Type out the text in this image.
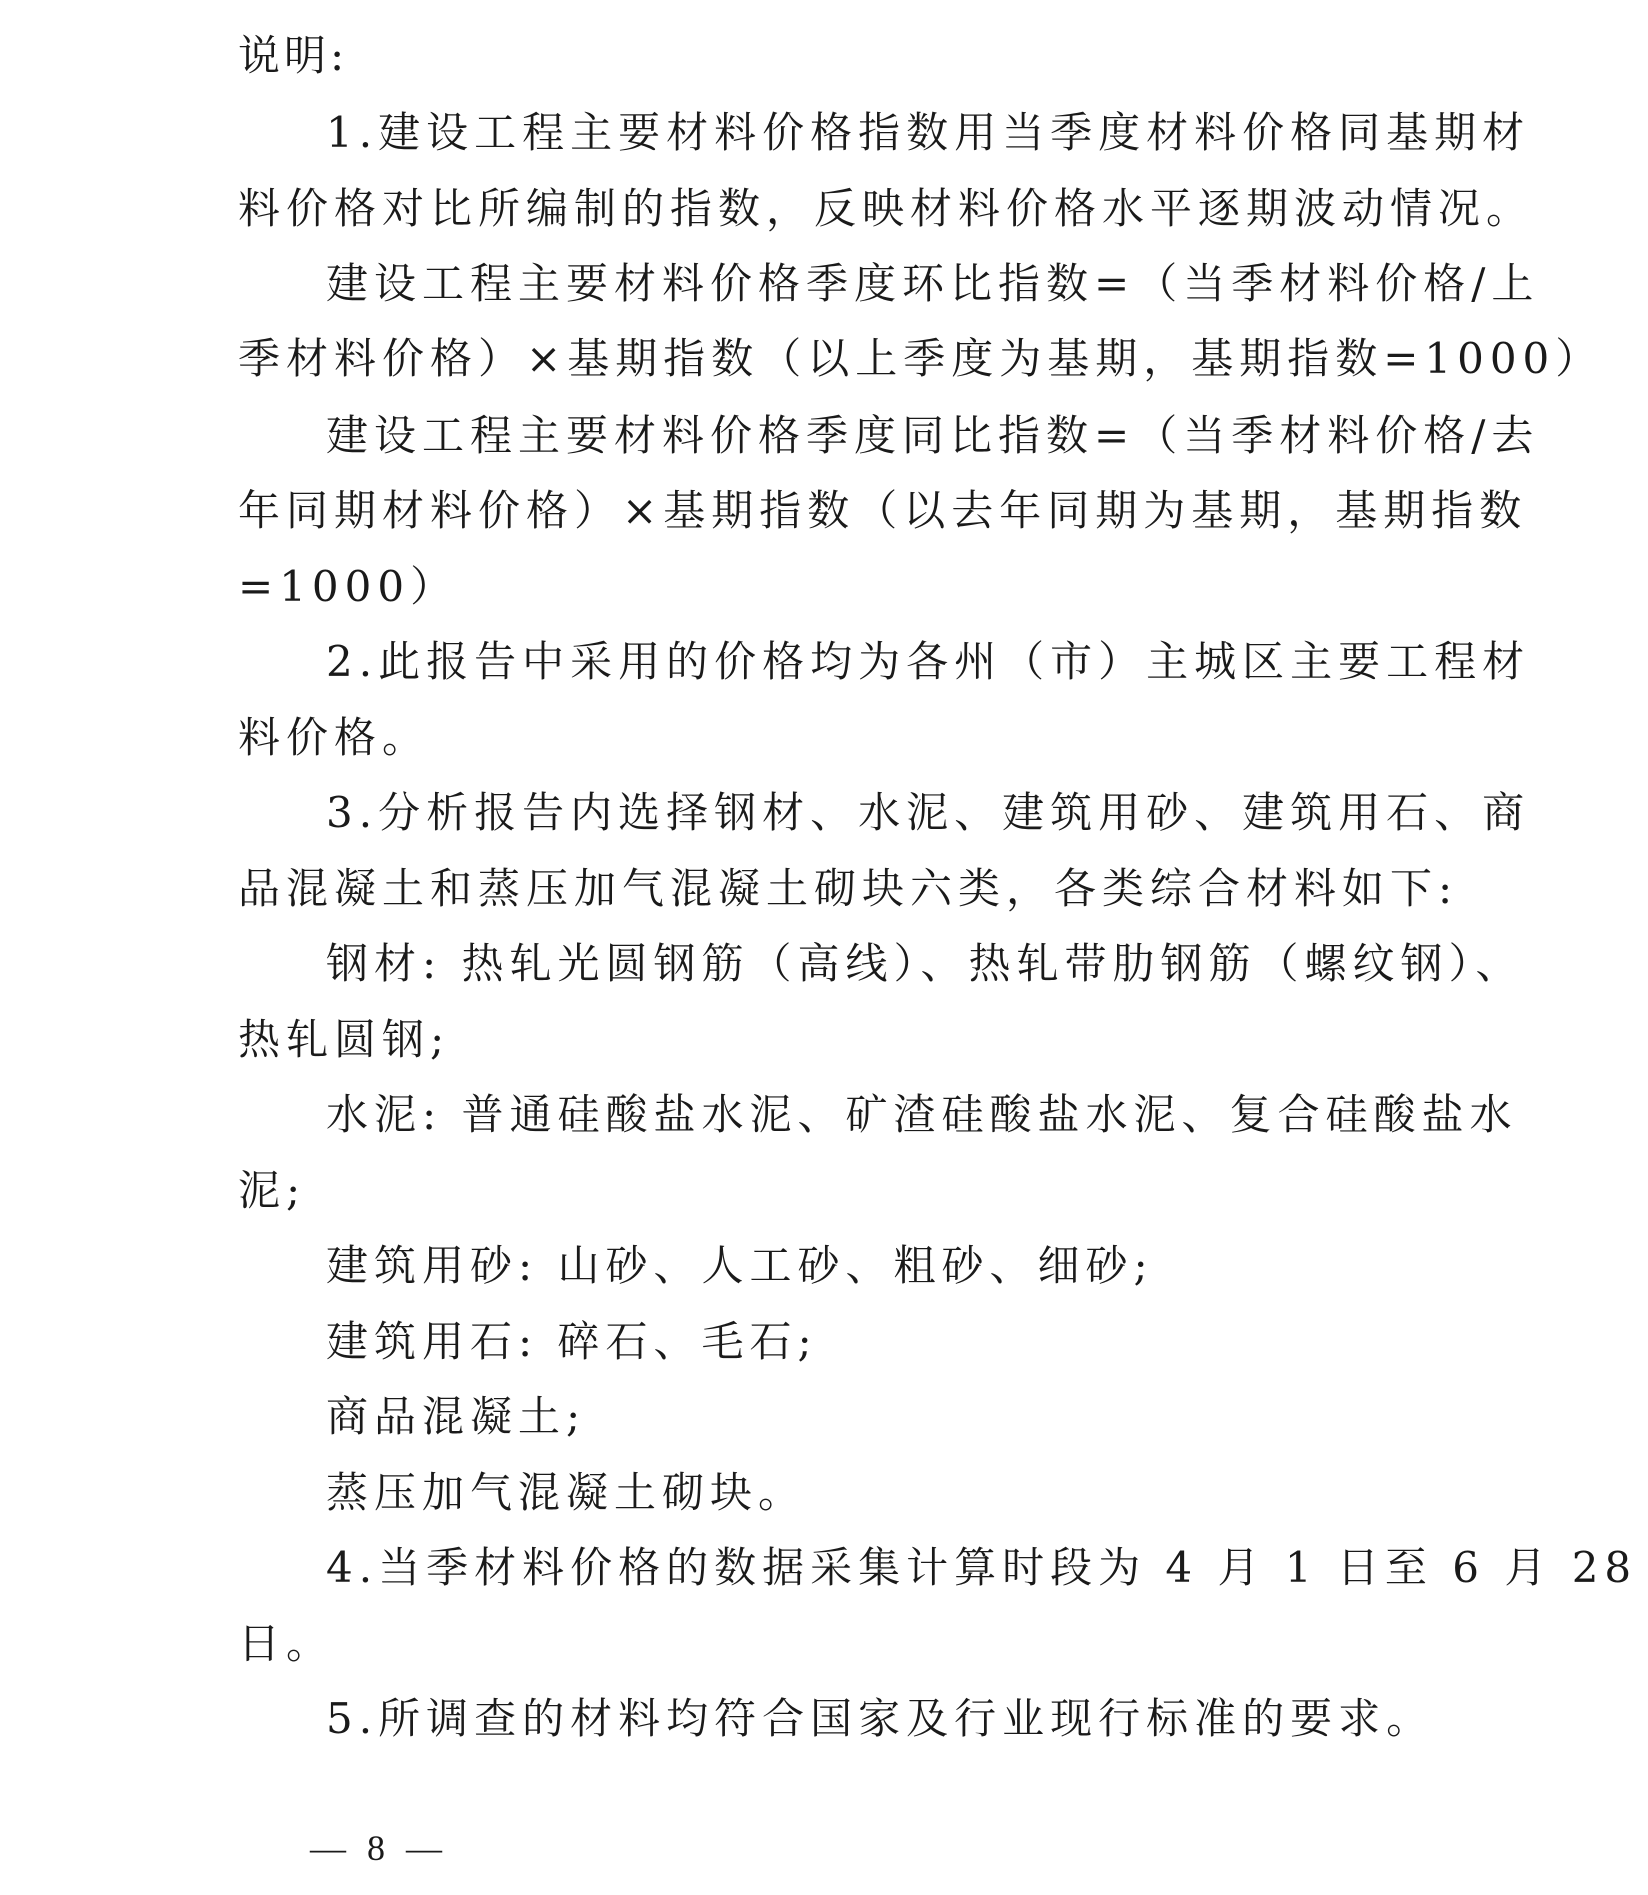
说明:
1.建设工程主要材料价格指数用当季度材料价格同基期材
料价格对比所编制的指数，反映材料价格水平逐期波动情况。
建设工程主要材料价格季度环比指数=（当季材料价格/上
季材料价格）×基期指数（以上季度为基期，基期指数=1000）
建设工程主要材料价格季度同比指数=（当季材料价格/去
年同期材料价格）×基期指数（以去年同期为基期，基期指数
=1000）
2.此报告中采用的价格均为各州（市）主城区主要工程材
料价格。
3.分析报告内选择钢材、水泥、建筑用砂、建筑用石、商
品混凝土和蒸压加气混凝土砌块六类，各类综合材料如下:
钢材: 热轧光圆钢筋（高线）、热轧带肋钢筋（螺纹钢）、
热轧圆钢;
水泥: 普通硅酸盐水泥、矿渣硅酸盐水泥、复合硅酸盐水
泥;
建筑用砂: 山砂、人工砂、粗砂、细砂;
建筑用石: 碎石、毛石;
商品混凝土;
蒸压加气混凝土砌块。
4.当季材料价格的数据采集计算时段为 4 月 1 日至 6 月 28
日。
5.所调查的材料均符合国家及行业现行标准的要求。
— 8 —
